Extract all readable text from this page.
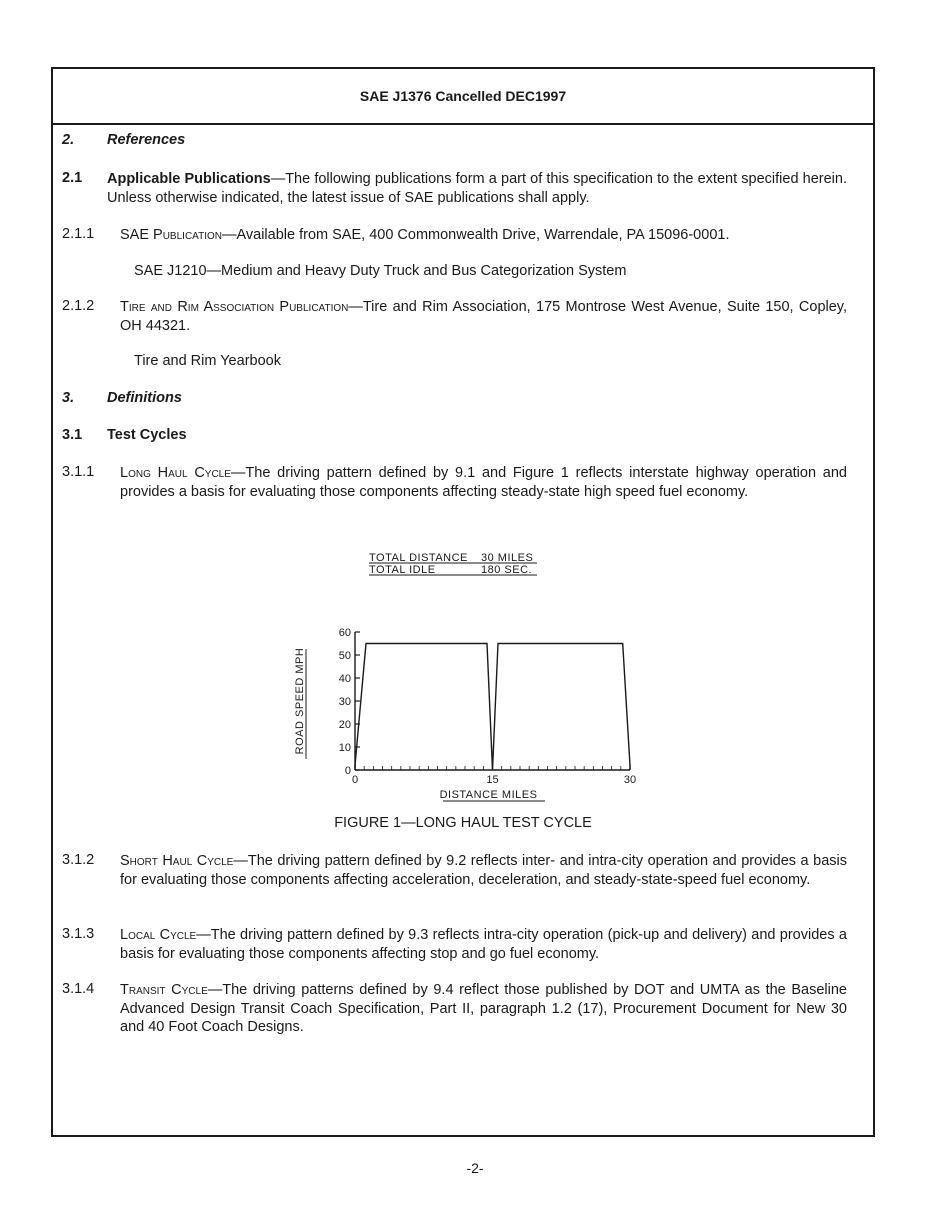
SAE J1376 Cancelled DEC1997
2. References
2.1 Applicable Publications—The following publications form a part of this specification to the extent specified herein. Unless otherwise indicated, the latest issue of SAE publications shall apply.
2.1.1 SAE Publication—Available from SAE, 400 Commonwealth Drive, Warrendale, PA 15096-0001.
SAE J1210—Medium and Heavy Duty Truck and Bus Categorization System
2.1.2 Tire and Rim Association Publication—Tire and Rim Association, 175 Montrose West Avenue, Suite 150, Copley, OH 44321.
Tire and Rim Yearbook
3. Definitions
3.1 Test Cycles
3.1.1 Long Haul Cycle—The driving pattern defined by 9.1 and Figure 1 reflects interstate highway operation and provides a basis for evaluating those components affecting steady-state high speed fuel economy.
TOTAL DISTANCE 30 MILES
TOTAL IDLE	180 SEC.
0
10
20
30
40
50
60
0	15	30
DISTANCE MILES
ROAD SPEED MPH
FIGURE 1—LONG HAUL TEST CYCLE
3.1.2 Short Haul Cycle—The driving pattern defined by 9.2 reflects inter- and intra-city operation and provides a basis for evaluating those components affecting acceleration, deceleration, and steady-state-speed fuel economy.
3.1.3 Local Cycle—The driving pattern defined by 9.3 reflects intra-city operation (pick-up and delivery) and provides a basis for evaluating those components affecting stop and go fuel economy.
3.1.4 Transit Cycle—The driving patterns defined by 9.4 reflect those published by DOT and UMTA as the Baseline Advanced Design Transit Coach Specification, Part II, paragraph 1.2 (17), Procurement Document for New 30 and 40 Foot Coach Designs.
-2-
